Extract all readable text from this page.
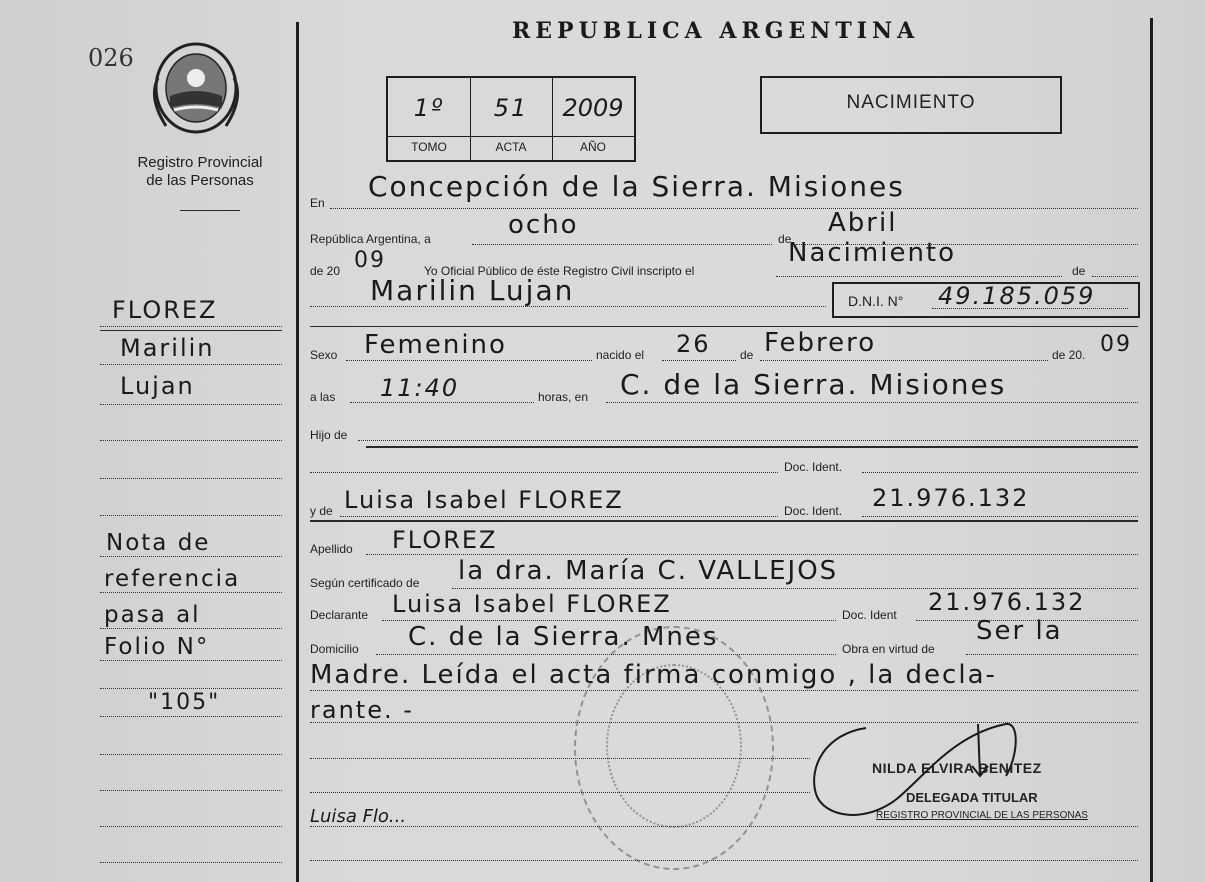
026
Registro Provincial
de las Personas
FLOREZ
Marilin
Lujan
Nota de
referencia
pasa al
Folio N°
"105"
Luisa Flo...
REPUBLICA ARGENTINA
1º	51	2009
TOMO	ACTA	AÑO
NACIMIENTO
En Concepción de la Sierra. Misiones
República Argentina, a	ocho	de
Abril
de 20 09	Yo Oficial Público de éste Registro Civil inscripto el
Nacimiento
de
Marilin Lujan	D.N.I. N° 49.185.059
Sexo Femenino	nacido el 26 de Febrero	de 20. 09
a las 11:40	horas, en C. de la Sierra. Misiones
Hijo de
Doc. Ident.
y de Luisa Isabel FLOREZ	Doc. Ident. 21.976.132
Apellido FLOREZ
Según certificado de la dra. María C. VALLEJOS
Declarante Luisa Isabel FLOREZ	Doc. Ident 21.976.132
Domicilio C. de la Sierra. Mnes	Obra en virtud de
Ser la
Madre. Leída el acta firma conmigo , la decla-
rante. -
NILDA ELVIRA BENITEZ
DELEGADA TITULAR
REGISTRO PROVINCIAL DE LAS PERSONAS
